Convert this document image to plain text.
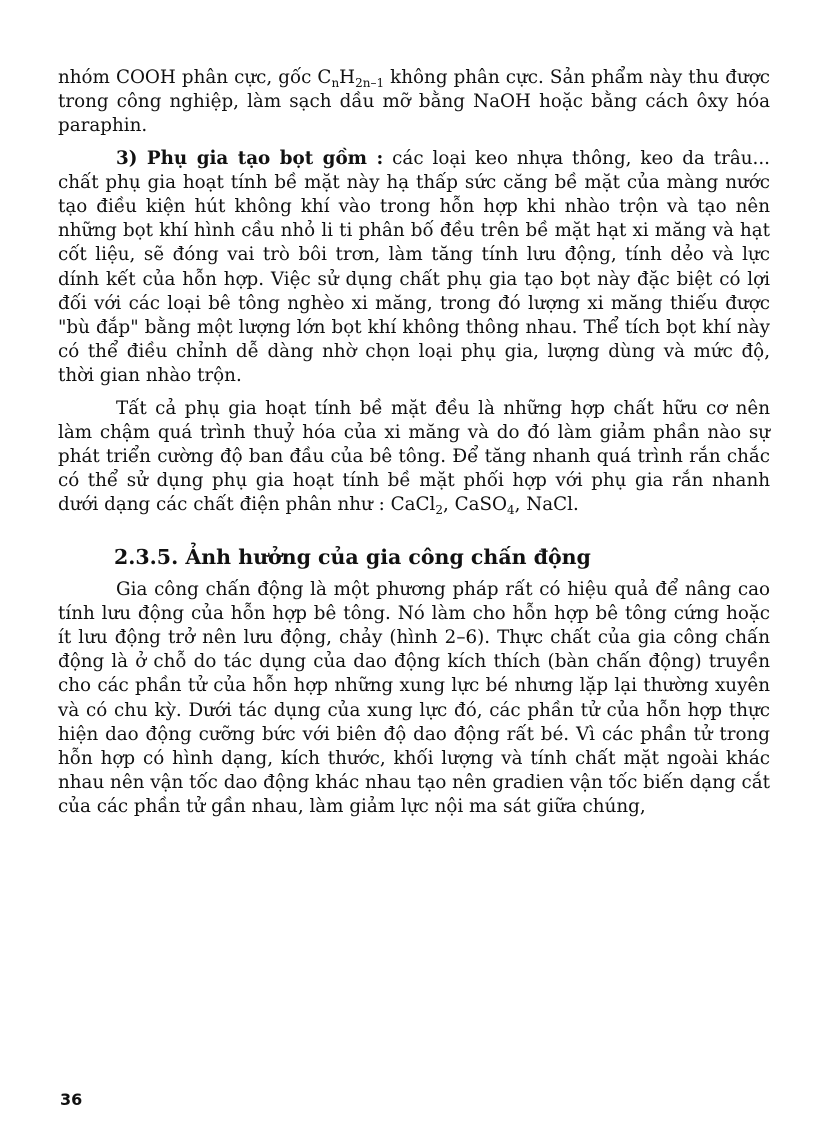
nhóm COOH phân cực, gốc $C_nH_{2n-1}$ không phân cực. Sản phẩm này thu được trong công nghiệp, làm sạch dầu mỡ bằng NaOH hoặc bằng cách ôxy hóa paraphin.

3) Phụ gia tạo bọt gồm : các loại keo nhựa thông, keo da trâu... chất phụ gia hoạt tính bề mặt này hạ thấp sức căng bề mặt của màng nước tạo điều kiện hút không khí vào trong hỗn hợp khi nhào trộn và tạo nên những bọt khí hình cầu nhỏ li ti phân bố đều trên bề mặt hạt xi măng và hạt cốt liệu, sẽ đóng vai trò bôi trơn, làm tăng tính lưu động, tính dẻo và lực dính kết của hỗn hợp. Việc sử dụng chất phụ gia tạo bọt này đặc biệt có lợi đối với các loại bê tông nghèo xi măng, trong đó lượng xi măng thiếu được "bù đắp" bằng một lượng lớn bọt khí không thông nhau. Thể tích bọt khí này có thể điều chỉnh dễ dàng nhờ chọn loại phụ gia, lượng dùng và mức độ, thời gian nhào trộn.

Tất cả phụ gia hoạt tính bề mặt đều là những hợp chất hữu cơ nên làm chậm quá trình thuỷ hóa của xi măng và do đó làm giảm phần nào sự phát triển cường độ ban đầu của bê tông. Để tăng nhanh quá trình rắn chắc có thể sử dụng phụ gia hoạt tính bề mặt phối hợp với phụ gia rắn nhanh dưới dạng các chất điện phân như : CaCl$_2$, CaSO$_4$, NaCl.

2.3.5. Ảnh hưởng của gia công chấn động

Gia công chấn động là một phương pháp rất có hiệu quả để nâng cao tính lưu động của hỗn hợp bê tông. Nó làm cho hỗn hợp bê tông cứng hoặc ít lưu động trở nên lưu động, chảy (hình 2–6). Thực chất của gia công chấn động là ở chỗ do tác dụng của dao động kích thích (bàn chấn động) truyền cho các phần tử của hỗn hợp những xung lực bé nhưng lặp lại thường xuyên và có chu kỳ. Dưới tác dụng của xung lực đó, các phần tử của hỗn hợp thực hiện dao động cưỡng bức với biên độ dao động rất bé. Vì các phần tử trong hỗn hợp có hình dạng, kích thước, khối lượng và tính chất mặt ngoài khác nhau nên vận tốc dao động khác nhau tạo nên gradien vận tốc biến dạng cắt của các phần tử gần nhau, làm giảm lực nội ma sát giữa chúng,

36
